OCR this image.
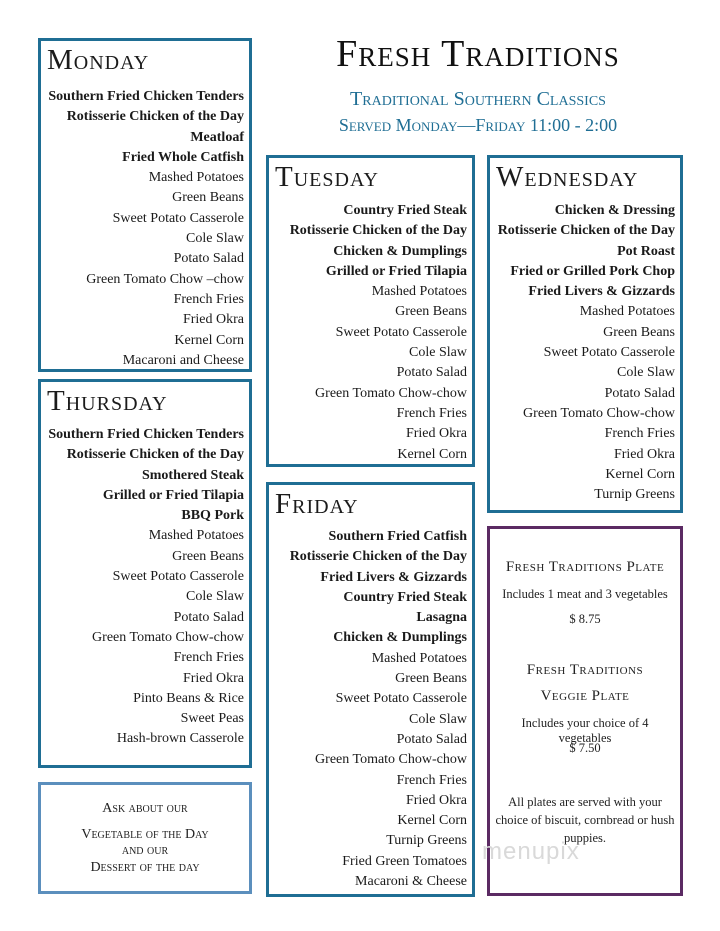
Fresh Traditions
Traditional Southern Classics
Served Monday—Friday 11:00 - 2:00
Monday
Southern Fried Chicken Tenders
Rotisserie Chicken of the Day
Meatloaf
Fried Whole Catfish
Mashed Potatoes
Green Beans
Sweet Potato Casserole
Cole Slaw
Potato Salad
Green Tomato Chow –chow
French Fries
Fried Okra
Kernel Corn
Macaroni and Cheese
Thursday
Southern Fried Chicken Tenders
Rotisserie Chicken of the Day
Smothered Steak
Grilled or Fried Tilapia
BBQ Pork
Mashed Potatoes
Green Beans
Sweet Potato Casserole
Cole Slaw
Potato Salad
Green Tomato Chow-chow
French Fries
Fried Okra
Pinto Beans & Rice
Sweet Peas
Hash-brown Casserole
Tuesday
Country Fried Steak
Rotisserie Chicken of the Day
Chicken & Dumplings
Grilled or Fried Tilapia
Mashed Potatoes
Green Beans
Sweet Potato Casserole
Cole Slaw
Potato Salad
Green Tomato Chow-chow
French Fries
Fried Okra
Kernel Corn
Wednesday
Chicken & Dressing
Rotisserie Chicken of the Day
Pot Roast
Fried or Grilled Pork Chop
Fried Livers & Gizzards
Mashed Potatoes
Green Beans
Sweet Potato Casserole
Cole Slaw
Potato Salad
Green Tomato Chow-chow
French Fries
Fried Okra
Kernel Corn
Turnip Greens
Friday
Southern Fried Catfish
Rotisserie Chicken of the Day
Fried Livers & Gizzards
Country Fried Steak
Lasagna
Chicken & Dumplings
Mashed Potatoes
Green Beans
Sweet Potato Casserole
Cole Slaw
Potato Salad
Green Tomato Chow-chow
French Fries
Fried Okra
Kernel Corn
Turnip Greens
Fried Green Tomatoes
Macaroni & Cheese
Ask about our
Vegetable of the Day
and our
Dessert of the day
Fresh Traditions Plate
Includes 1 meat and 3 vegetables
$ 8.75
Fresh Traditions
Veggie Plate
Includes your choice of 4 vegetables
$ 7.50
All plates are served with your choice of biscuit, cornbread or hush puppies.
menupix
